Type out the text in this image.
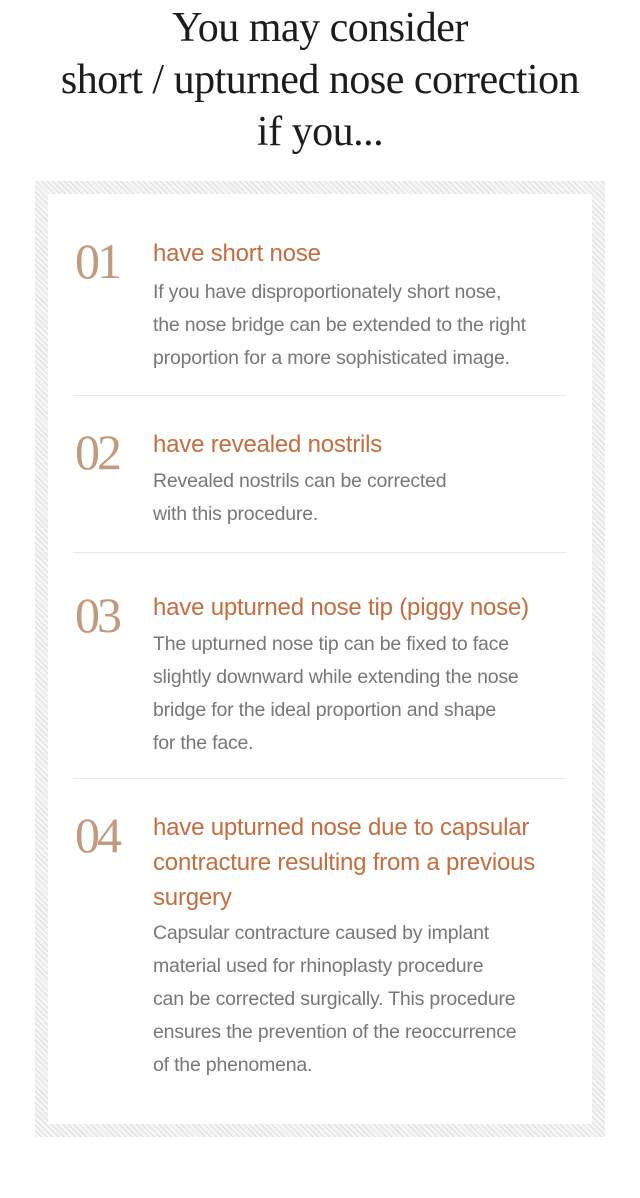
You may consider
short / upturned nose correction
if you...
01 have short nose

If you have disproportionately short nose,
the nose bridge can be extended to the right
proportion for a more sophisticated image.

02 have revealed nostrils

Revealed nostrils can be corrected
with this procedure.

03 have upturned nose tip (piggy nose)

The upturned nose tip can be fixed to face
slightly downward while extending the nose
bridge for the ideal proportion and shape
for the face.

04 have upturned nose due to capsular
contracture resulting from a previous
surgery

Capsular contracture caused by implant
material used for rhinoplasty procedure
can be corrected surgically. This procedure
ensures the prevention of the reoccurrence
of the phenomena.
